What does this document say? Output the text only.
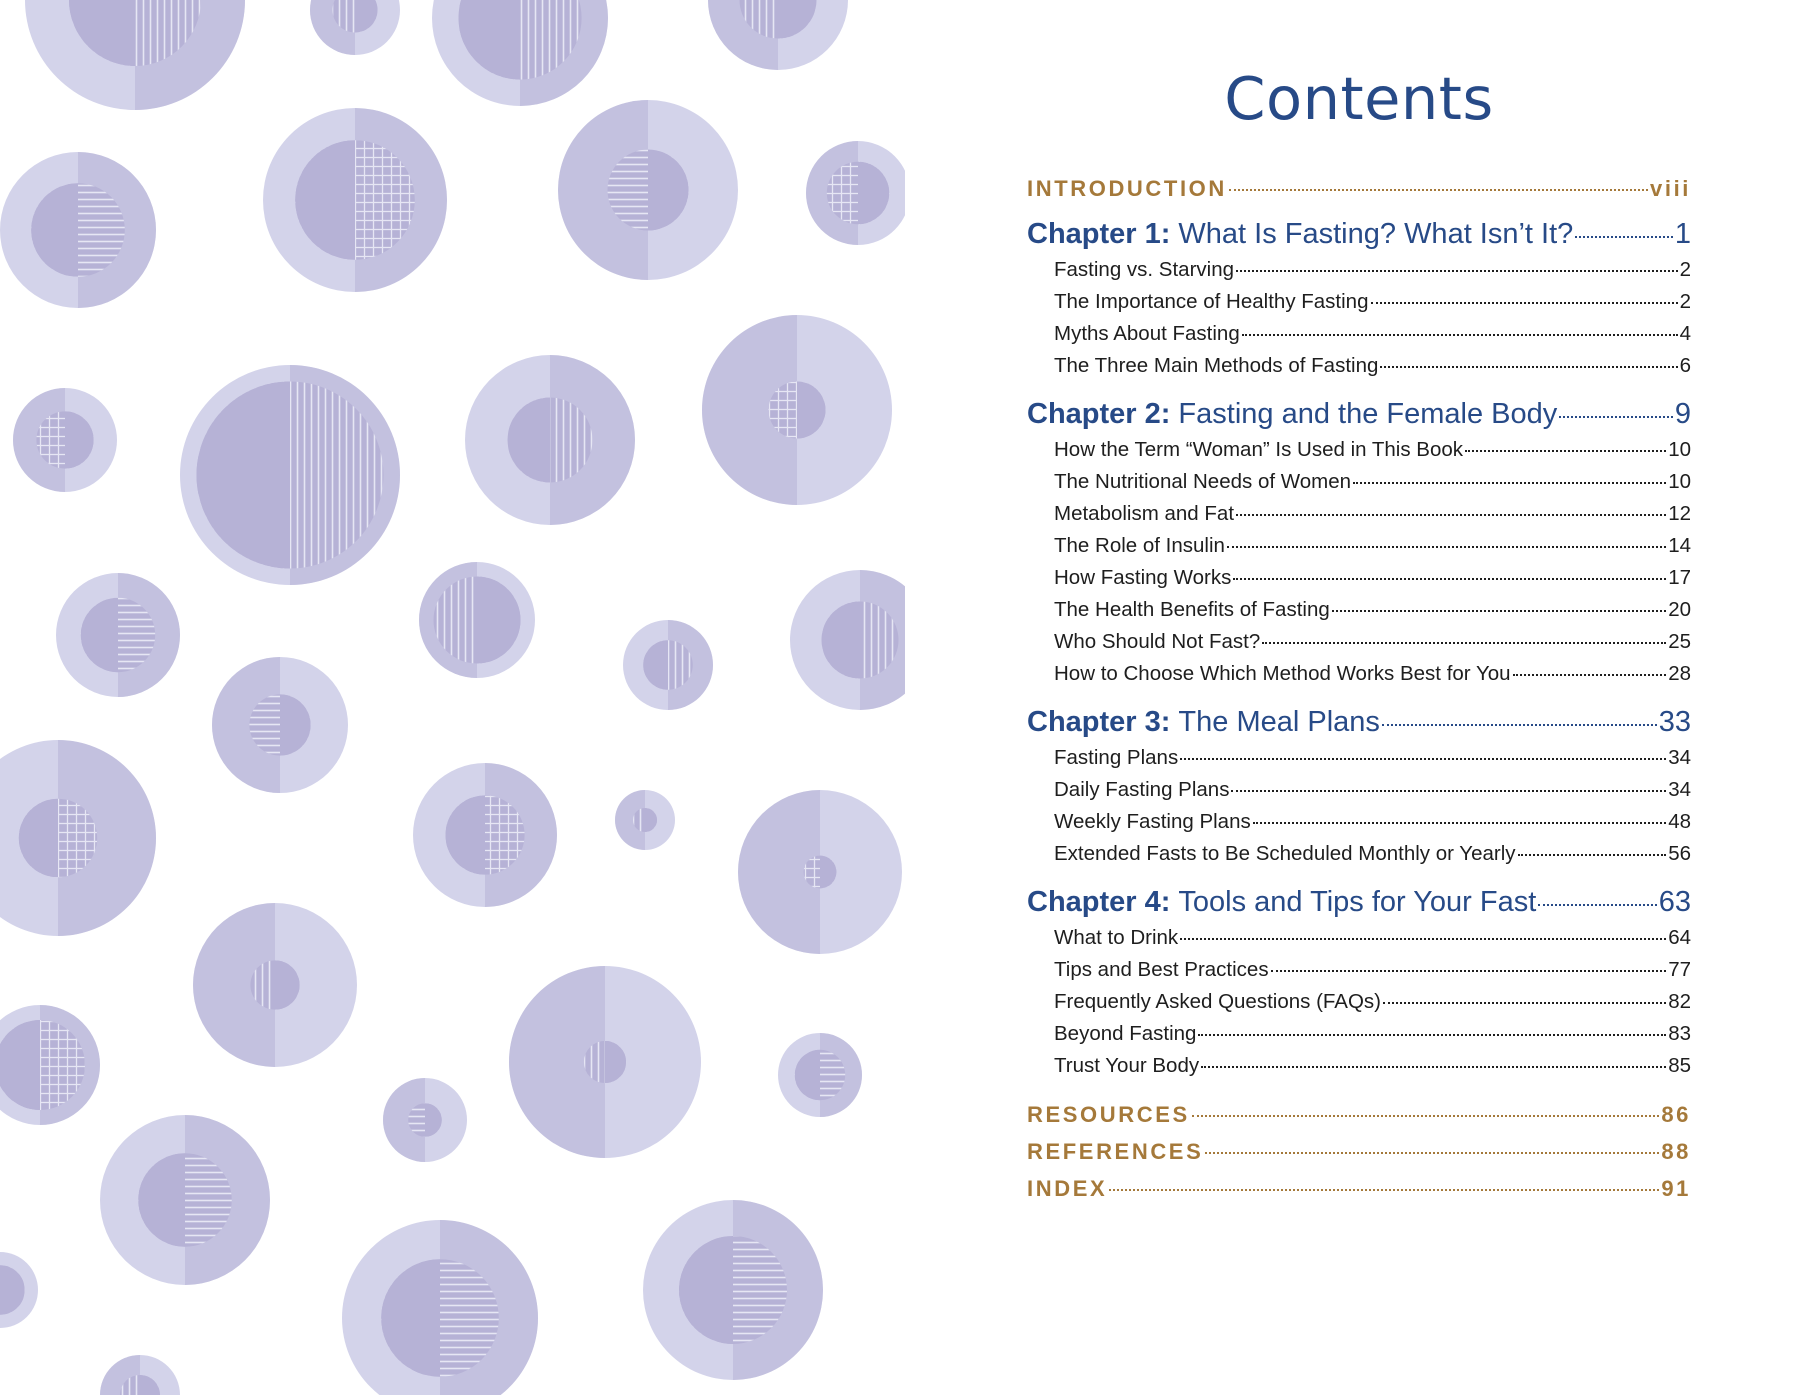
Contents
INTRODUCTION	viii
Chapter 1: What Is Fasting? What Isn’t It?	1
Fasting vs. Starving	2
The Importance of Healthy Fasting	2
Myths About Fasting	4
The Three Main Methods of Fasting	6
Chapter 2: Fasting and the Female Body	9
How the Term “Woman” Is Used in This Book	10
The Nutritional Needs of Women	10
Metabolism and Fat	12
The Role of Insulin	14
How Fasting Works	17
The Health Benefits of Fasting	20
Who Should Not Fast?	25
How to Choose Which Method Works Best for You	28
Chapter 3: The Meal Plans	33
Fasting Plans	34
Daily Fasting Plans	34
Weekly Fasting Plans	48
Extended Fasts to Be Scheduled Monthly or Yearly	56
Chapter 4: Tools and Tips for Your Fast	63
What to Drink	64
Tips and Best Practices	77
Frequently Asked Questions (FAQs)	82
Beyond Fasting	83
Trust Your Body	85
RESOURCES	86
REFERENCES	88
INDEX	91
